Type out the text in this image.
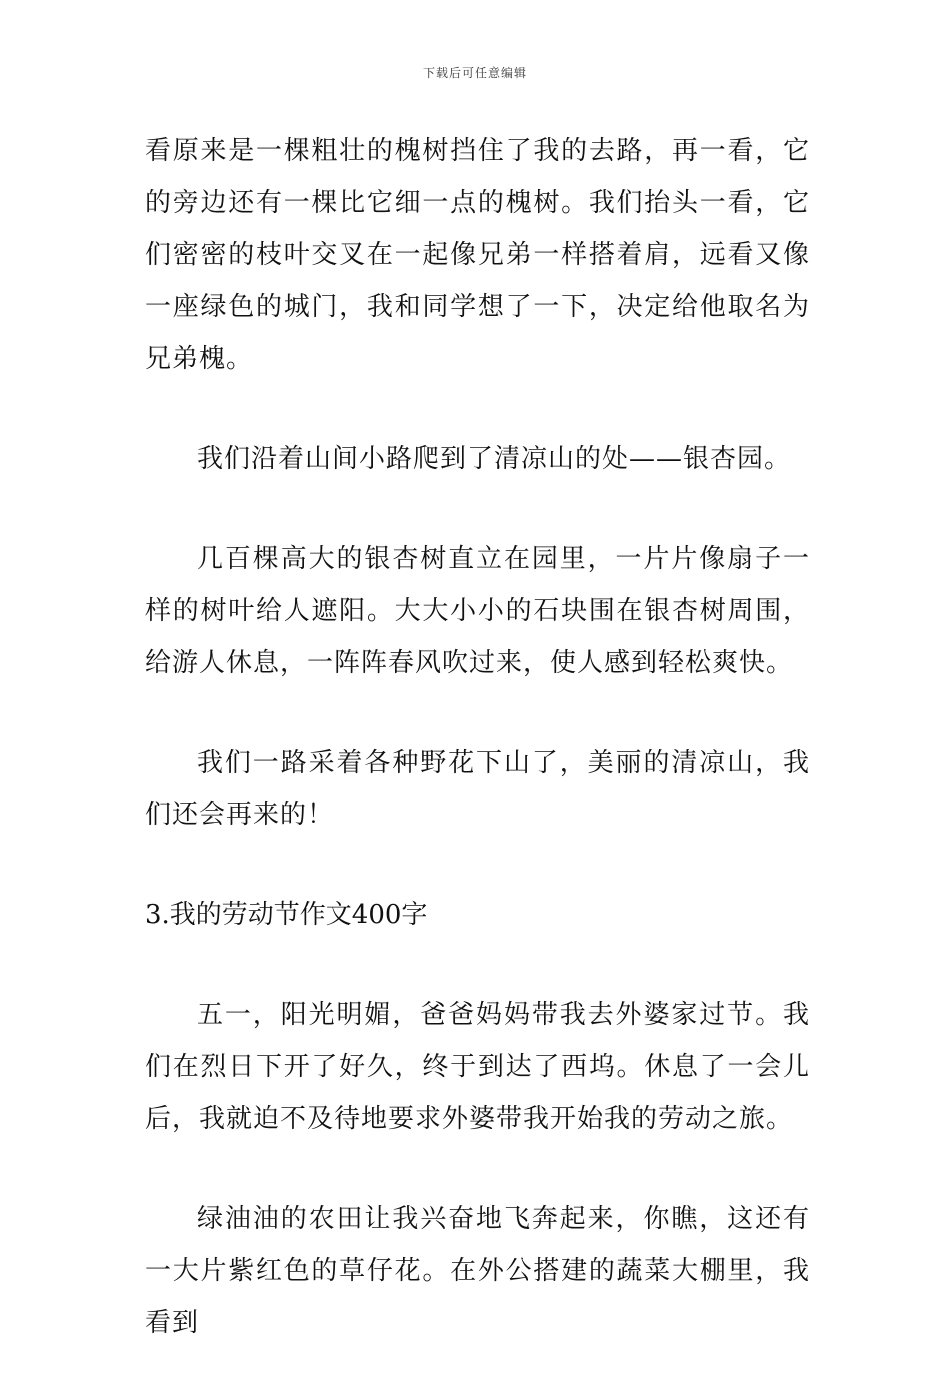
下载后可任意编辑

看原来是一棵粗壮的槐树挡住了我的去路，再一看，它的旁边还有一棵比它细一点的槐树。我们抬头一看，它们密密的枝叶交叉在一起像兄弟一样搭着肩，远看又像一座绿色的城门，我和同学想了一下，决定给他取名为兄弟槐。

我们沿着山间小路爬到了清凉山的处——银杏园。

几百棵高大的银杏树直立在园里，一片片像扇子一样的树叶给人遮阳。大大小小的石块围在银杏树周围，给游人休息，一阵阵春风吹过来，使人感到轻松爽快。

我们一路采着各种野花下山了，美丽的清凉山，我们还会再来的！

3.我的劳动节作文400字

五一，阳光明媚，爸爸妈妈带我去外婆家过节。我们在烈日下开了好久，终于到达了西坞。休息了一会儿后，我就迫不及待地要求外婆带我开始我的劳动之旅。

绿油油的农田让我兴奋地飞奔起来，你瞧，这还有一大片紫红色的草仔花。在外公搭建的蔬菜大棚里，我看到
